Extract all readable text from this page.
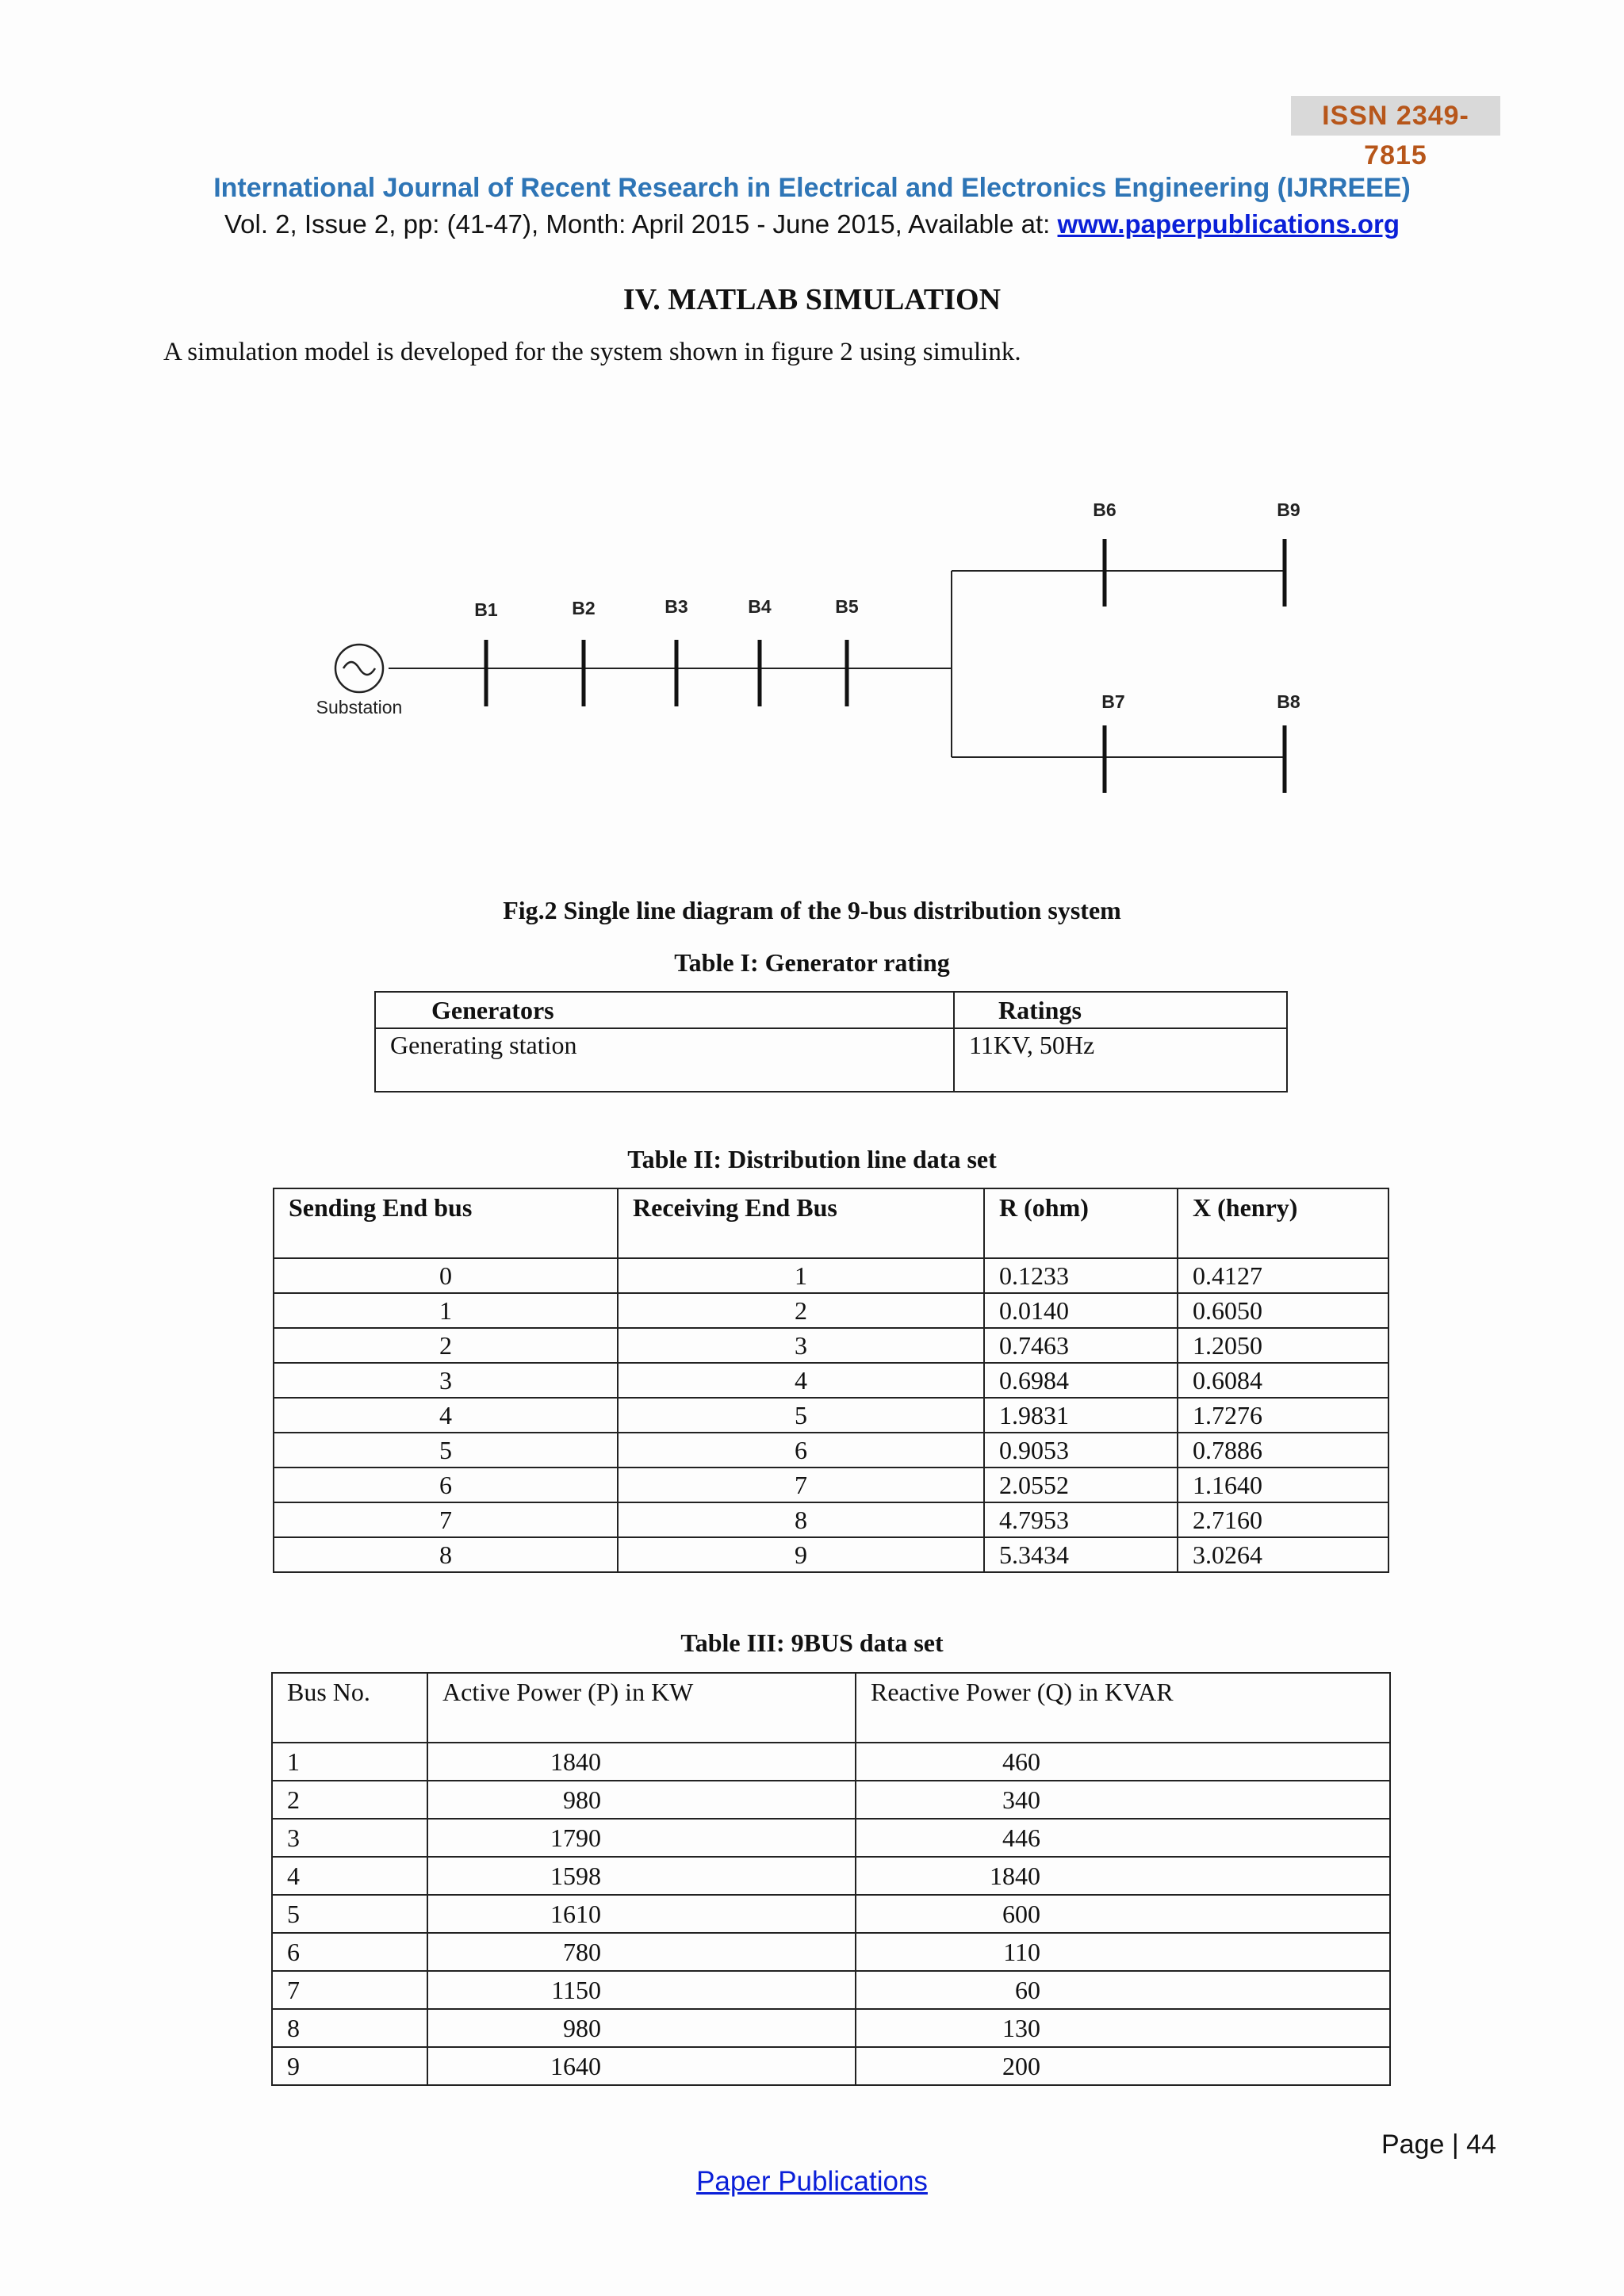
ISSN 2349-7815
International Journal of Recent Research in Electrical and Electronics Engineering (IJRREEE)
Vol. 2, Issue 2, pp: (41-47), Month: April 2015 - June 2015, Available at: www.paperpublications.org
IV. MATLAB SIMULATION
A simulation model is developed for the system shown in figure 2 using simulink.
Substation
B1	B2	B3	B4	B5
B6	B9
B7	B8
Fig.2 Single line diagram of the 9-bus distribution system
Table I: Generator rating
Generators	Ratings
Generating station	11KV, 50Hz
Table II: Distribution line data set
Sending End bus	Receiving End Bus	R (ohm)	X (henry)
0	1	0.1233	0.4127
1	2	0.0140	0.6050
2	3	0.7463	1.2050
3	4	0.6984	0.6084
4	5	1.9831	1.7276
5	6	0.9053	0.7886
6	7	2.0552	1.1640
7	8	4.7953	2.7160
8	9	5.3434	3.0264
Table III: 9BUS data set
Bus No.	Active Power (P) in KW	Reactive Power (Q) in KVAR
1	1840	460
2	980	340
3	1790	446
4	1598	1840
5	1610	600
6	780	110
7	1150	60
8	980	130
9	1640	200
Page | 44
Paper Publications
